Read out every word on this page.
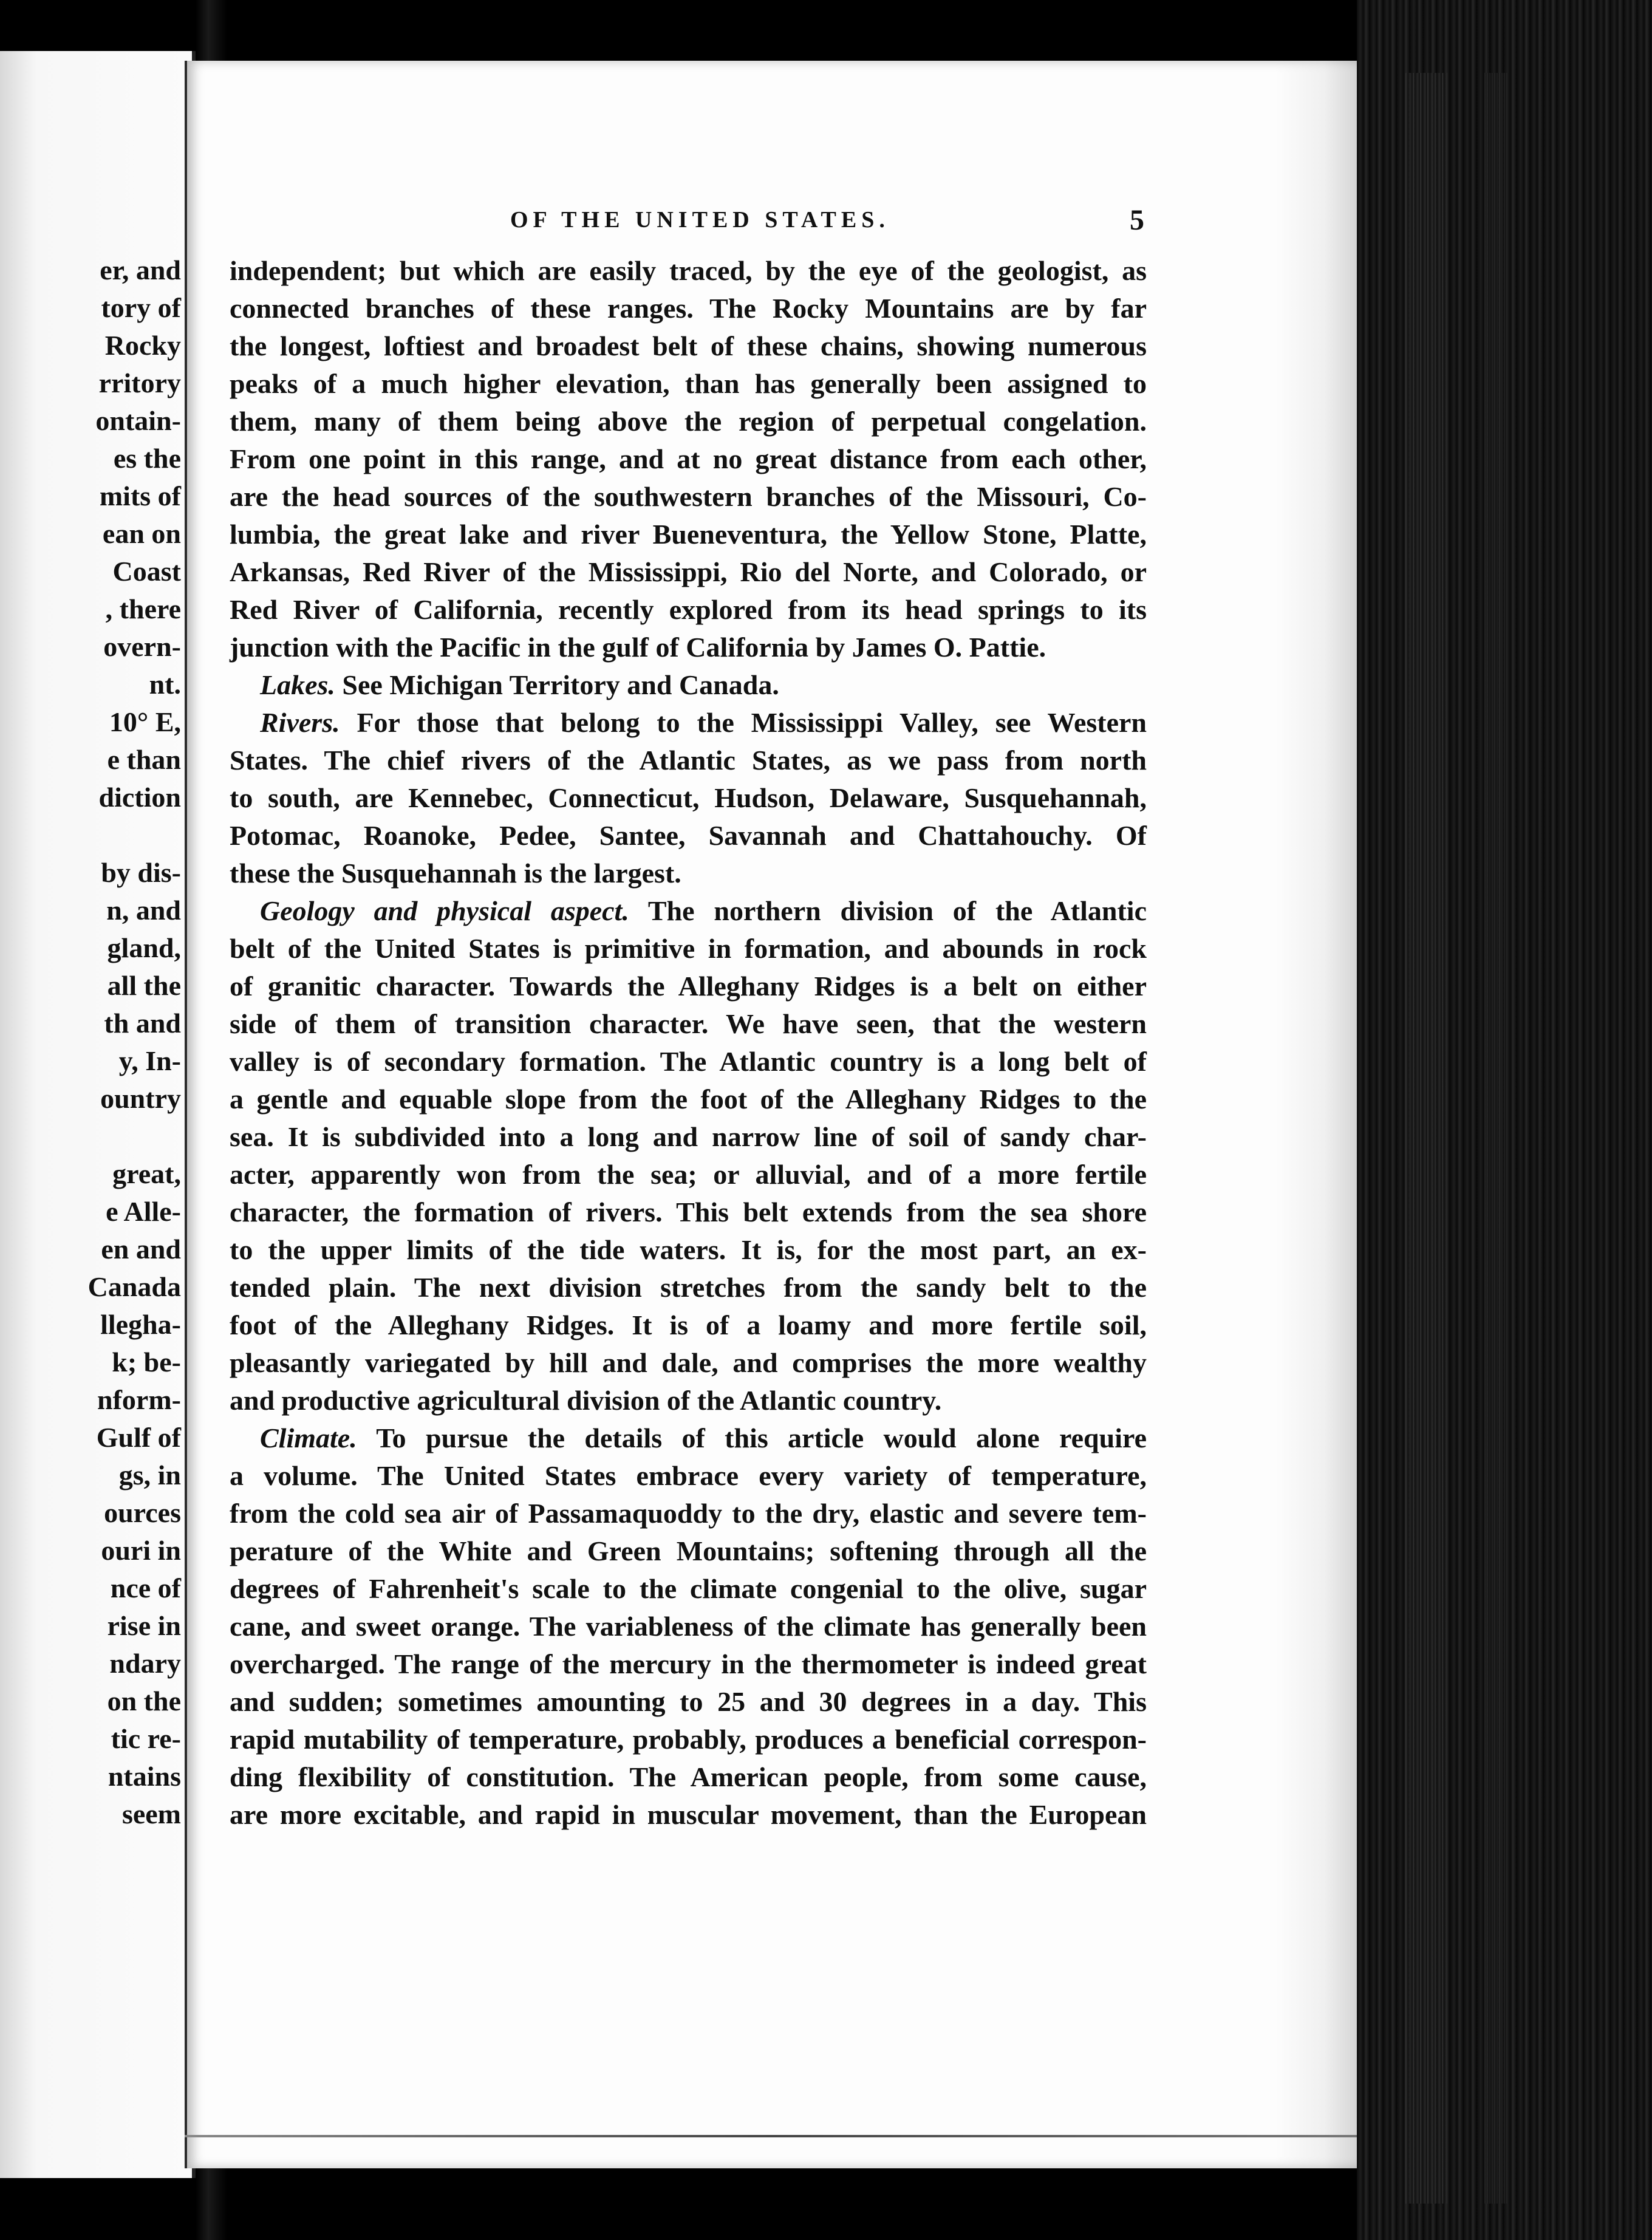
er, and
tory of
Rocky
rritory
ontain-
es the
mits of
ean on
Coast
, there
overn-
nt.
10° E,
e than
diction
by dis-
n, and
gland,
all the
th and
y, In-
ountry
great,
e Alle-
en and
Canada
llegha-
k; be-
nform-
Gulf of
gs, in
ources
ouri in
nce of
rise in
ndary
on the
tic re-
ntains
seem
OF THE UNITED STATES.	5
independent; but which are easily traced, by the eye of the geologist, as
connected branches of these ranges. The Rocky Mountains are by far
the longest, loftiest and broadest belt of these chains, showing numerous
peaks of a much higher elevation, than has generally been assigned to
them, many of them being above the region of perpetual congelation.
From one point in this range, and at no great distance from each other,
are the head sources of the southwestern branches of the Missouri, Co-
lumbia, the great lake and river Bueneventura, the Yellow Stone, Platte,
Arkansas, Red River of the Mississippi, Rio del Norte, and Colorado, or
Red River of California, recently explored from its head springs to its
junction with the Pacific in the gulf of California by James O. Pattie.
Lakes. See Michigan Territory and Canada.
Rivers. For those that belong to the Mississippi Valley, see Western
States. The chief rivers of the Atlantic States, as we pass from north
to south, are Kennebec, Connecticut, Hudson, Delaware, Susquehannah,
Potomac, Roanoke, Pedee, Santee, Savannah and Chattahouchy. Of
these the Susquehannah is the largest.
Geology and physical aspect. The northern division of the Atlantic
belt of the United States is primitive in formation, and abounds in rock
of granitic character. Towards the Alleghany Ridges is a belt on either
side of them of transition character. We have seen, that the western
valley is of secondary formation. The Atlantic country is a long belt of
a gentle and equable slope from the foot of the Alleghany Ridges to the
sea. It is subdivided into a long and narrow line of soil of sandy char-
acter, apparently won from the sea; or alluvial, and of a more fertile
character, the formation of rivers. This belt extends from the sea shore
to the upper limits of the tide waters. It is, for the most part, an ex-
tended plain. The next division stretches from the sandy belt to the
foot of the Alleghany Ridges. It is of a loamy and more fertile soil,
pleasantly variegated by hill and dale, and comprises the more wealthy
and productive agricultural division of the Atlantic country.
Climate. To pursue the details of this article would alone require
a volume. The United States embrace every variety of temperature,
from the cold sea air of Passamaquoddy to the dry, elastic and severe tem-
perature of the White and Green Mountains; softening through all the
degrees of Fahrenheit's scale to the climate congenial to the olive, sugar
cane, and sweet orange. The variableness of the climate has generally been
overcharged. The range of the mercury in the thermometer is indeed great
and sudden; sometimes amounting to 25 and 30 degrees in a day. This
rapid mutability of temperature, probably, produces a beneficial correspon-
ding flexibility of constitution. The American people, from some cause,
are more excitable, and rapid in muscular movement, than the European
